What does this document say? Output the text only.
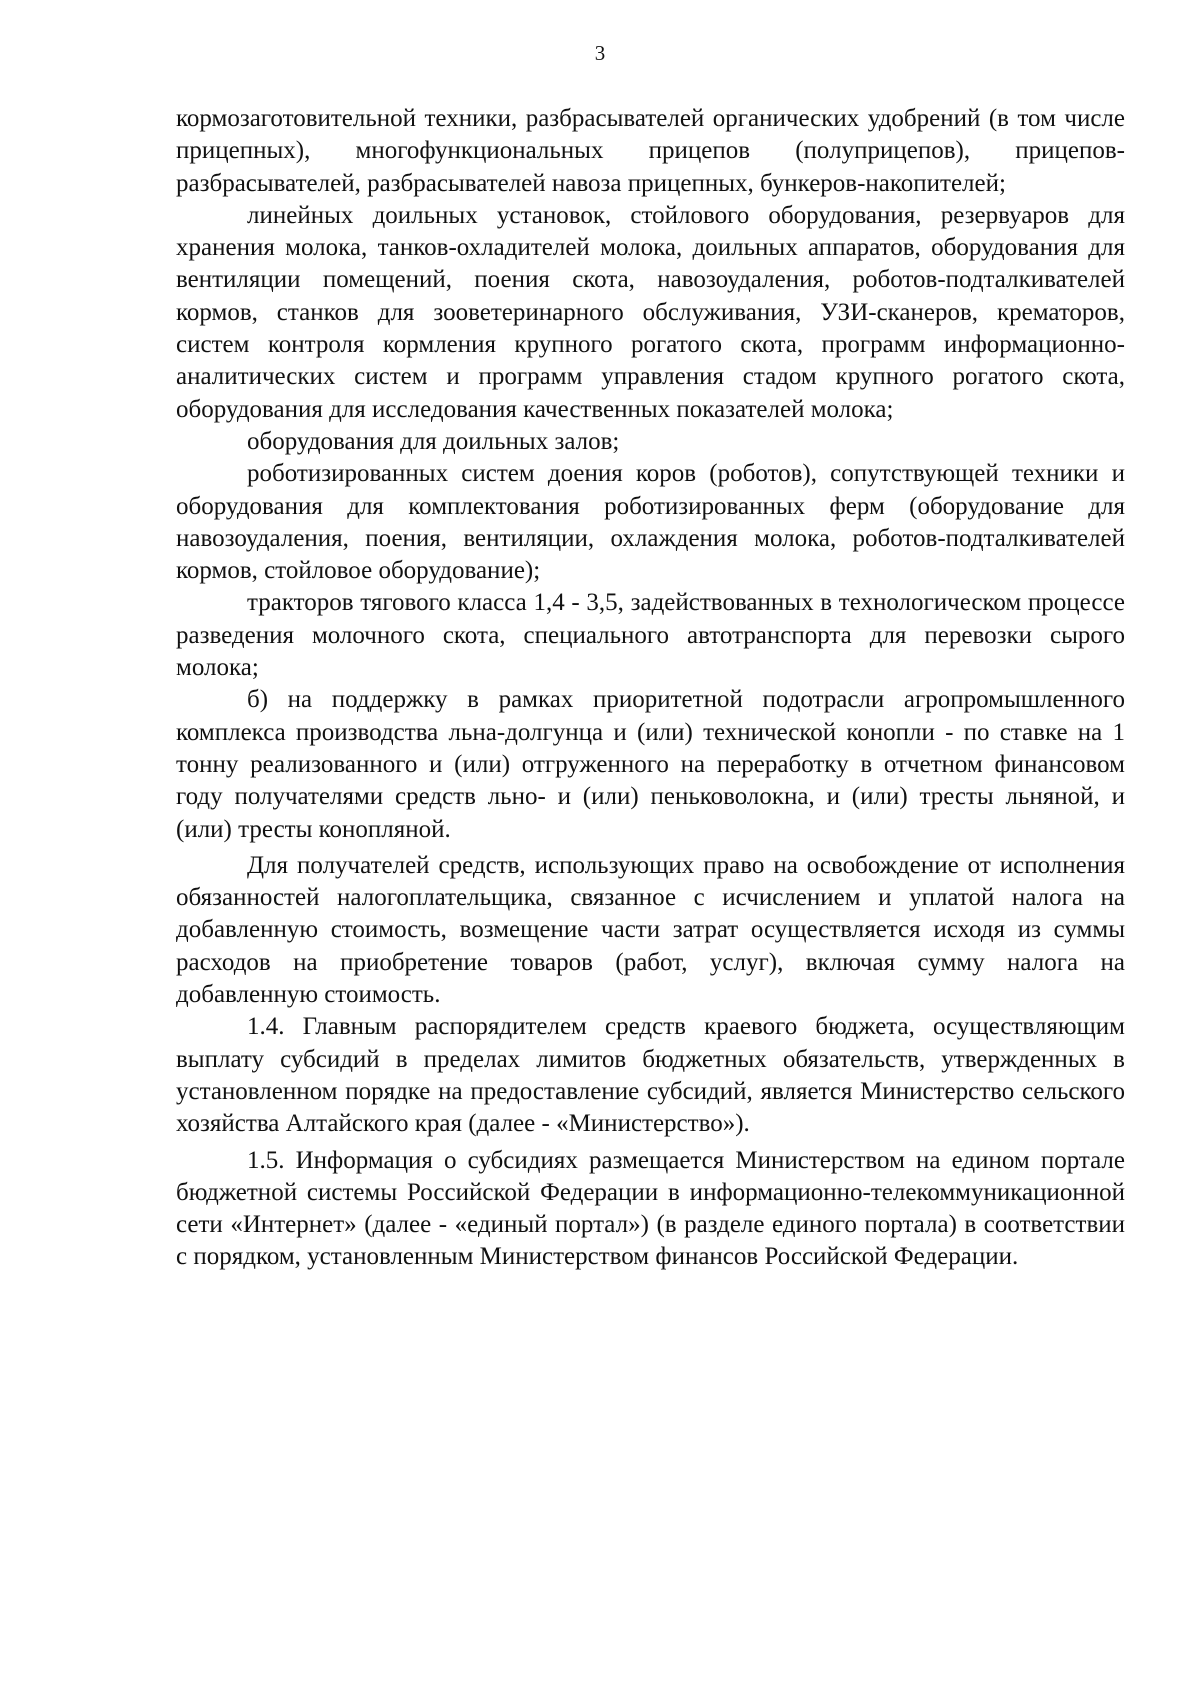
3

кормозаготовительной техники, разбрасывателей органических удобрений (в том числе прицепных), многофункциональных прицепов (полуприцепов), прицепов-разбрасывателей, разбрасывателей навоза прицепных, бункеров-накопителей;

линейных доильных установок, стойлового оборудования, резервуаров для хранения молока, танков-охладителей молока, доильных аппаратов, оборудования для вентиляции помещений, поения скота, навозоудаления, роботов-подталкивателей кормов, станков для зооветеринарного обслуживания, УЗИ-сканеров, крематоров, систем контроля кормления крупного рогатого скота, программ информационно-аналитических систем и программ управления стадом крупного рогатого скота, оборудования для исследования качественных показателей молока;

оборудования для доильных залов;

роботизированных систем доения коров (роботов), сопутствующей техники и оборудования для комплектования роботизированных ферм (оборудование для навозоудаления, поения, вентиляции, охлаждения молока, роботов-подталкивателей кормов, стойловое оборудование);

тракторов тягового класса 1,4 - 3,5, задействованных в технологическом процессе разведения молочного скота, специального автотранспорта для перевозки сырого молока;

б) на поддержку в рамках приоритетной подотрасли агропромышленного комплекса производства льна-долгунца и (или) технической конопли - по ставке на 1 тонну реализованного и (или) отгруженного на переработку в отчетном финансовом году получателями средств льно- и (или) пеньковолокна, и (или) тресты льняной, и (или) тресты конопляной.

Для получателей средств, использующих право на освобождение от исполнения обязанностей налогоплательщика, связанное с исчислением и уплатой налога на добавленную стоимость, возмещение части затрат осуществляется исходя из суммы расходов на приобретение товаров (работ, услуг), включая сумму налога на добавленную стоимость.

1.4. Главным распорядителем средств краевого бюджета, осуществляющим выплату субсидий в пределах лимитов бюджетных обязательств, утвержденных в установленном порядке на предоставление субсидий, является Министерство сельского хозяйства Алтайского края (далее - «Министерство»).

1.5. Информация о субсидиях размещается Министерством на едином портале бюджетной системы Российской Федерации в информационно-телекоммуникационной сети «Интернет» (далее - «единый портал») (в разделе единого портала) в соответствии с порядком, установленным Министерством финансов Российской Федерации.
